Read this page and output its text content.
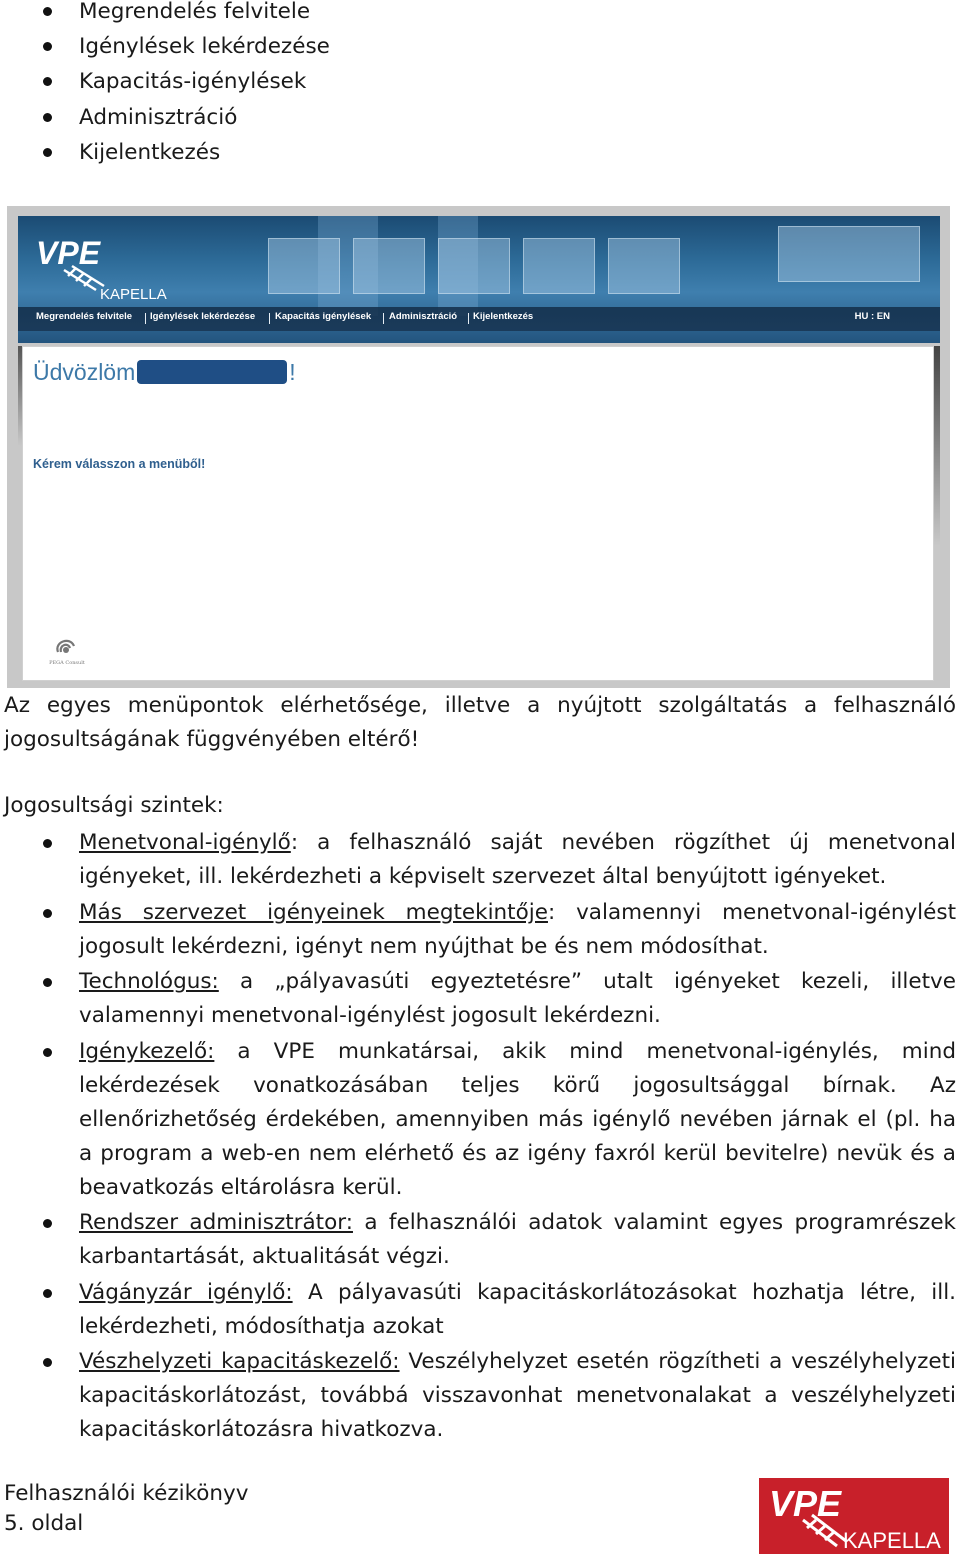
Megrendelés felvitele
Igénylések lekérdezése
Kapacitás-igénylések
Adminisztráció
Kijelentkezés
VPE
KAPELLA
Megrendelés felvitele Igénylések lekérdezése Kapacitás igénylések Adminisztráció Kijelentkezés	HU : EN
Üdvözlöm	!
Kérem válasszon a menüből!
PEGA Consult

Az egyes menüpontok elérhetősége, illetve a nyújtott szolgáltatás a felhasználó jogosultságának függvényében eltérő!

Jogosultsági szintek:

Menetvonal-igénylő: a felhasználó saját nevében rögzíthet új menetvonal igényeket, ill. lekérdezheti a képviselt szervezet által benyújtott igényeket.
Más szervezet igényeinek megtekintője: valamennyi menetvonal-igénylést jogosult lekérdezni, igényt nem nyújthat be és nem módosíthat.
Technológus: a „pályavasúti egyeztetésre” utalt igényeket kezeli, illetve valamennyi menetvonal-igénylést jogosult lekérdezni.
Igénykezelő: a VPE munkatársai, akik mind menetvonal-igénylés, mind lekérdezések vonatkozásában teljes körű jogosultsággal bírnak. Az ellenőrizhetőség érdekében, amennyiben más igénylő nevében járnak el (pl. ha a program a web-en nem elérhető és az igény faxról kerül bevitelre) nevük és a beavatkozás eltárolásra kerül.
Rendszer adminisztrátor: a felhasználói adatok valamint egyes programrészek karbantartását, aktualitását végzi.
Vágányzár igénylő: A pályavasúti kapacitáskorlátozásokat hozhatja létre, ill. lekérdezheti, módosíthatja azokat
Vészhelyzeti kapacitáskezelő: Veszélyhelyzet esetén rögzítheti a veszélyhelyzeti kapacitáskorlátozást, továbbá visszavonhat menetvonalakat a veszélyhelyzeti kapacitáskorlátozásra hivatkozva.
Felhasználói kézikönyv
5. oldal	VPE
KAPELLA
